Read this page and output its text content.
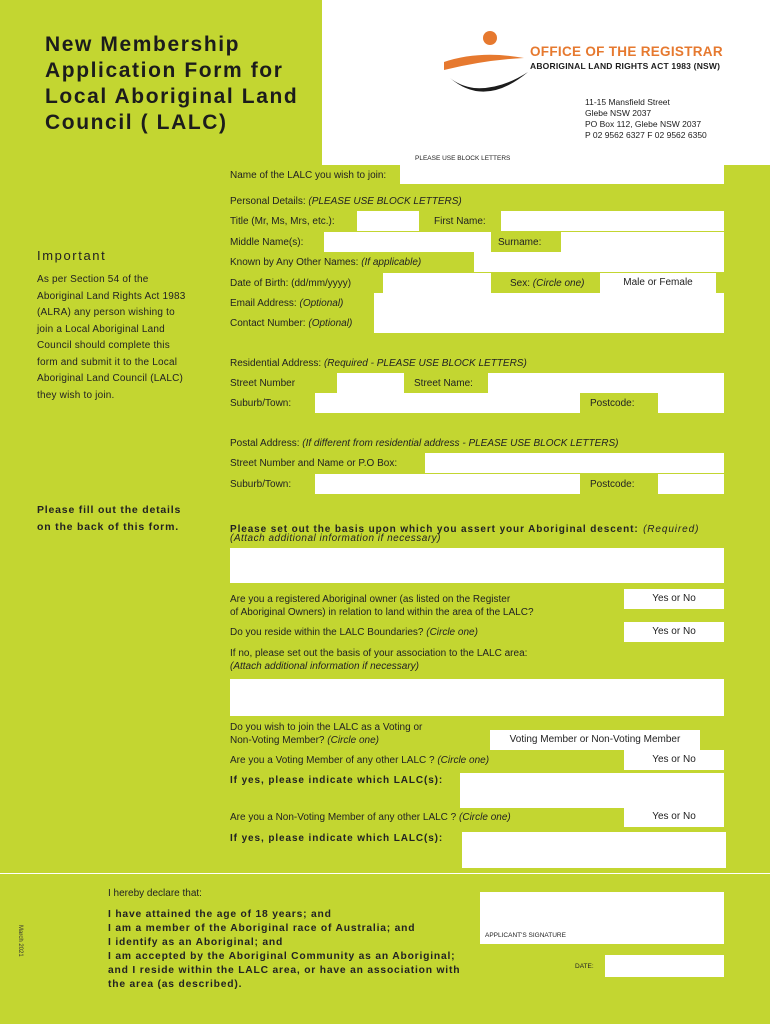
New Membership
Application Form for
Local Aboriginal Land
Council ( LALC)
OFFICE OF THE REGISTRAR
ABORIGINAL LAND RIGHTS ACT 1983 (NSW)
11-15 Mansfield Street
Glebe NSW 2037
PO Box 112, Glebe NSW 2037
P 02 9562 6327 F 02 9562 6350
PLEASE USE BLOCK LETTERS
Important
As per Section 54 of the Aboriginal Land Rights Act 1983 (ALRA) any person wishing to join a Local Aboriginal Land Council should complete this form and submit it to the Local Aboriginal Land Council (LALC) they wish to join.
Please fill out the details on the back of this form.
Name of the LALC you wish to join:
Personal Details: (PLEASE USE BLOCK LETTERS)
Title (Mr, Ms, Mrs, etc.):	First Name:
Middle Name(s):	Surname:
Known by Any Other Names: (If applicable)
Date of Birth: (dd/mm/yyyy)	Sex: (Circle one)	Male or Female
Email Address: (Optional)
Contact Number: (Optional)
Residential Address: (Required - PLEASE USE BLOCK LETTERS)
Street Number	Street Name:
Suburb/Town:	Postcode:
Postal Address: (If different from residential address - PLEASE USE BLOCK LETTERS)
Street Number and Name or P.O Box:
Suburb/Town:	Postcode:
Please set out the basis upon which you assert your Aboriginal descent: (Required)
(Attach additional information if necessary)
Are you a registered Aboriginal owner (as listed on the Register
of Aboriginal Owners) in relation to land within the area of the LALC?
Yes or No
Do you reside within the LALC Boundaries? (Circle one)	Yes or No
If no, please set out the basis of your association to the LALC area:
(Attach additional information if necessary)
Do you wish to join the LALC as a Voting or
Non-Voting Member? (Circle one)	Voting Member or Non-Voting Member
Are you a Voting Member of any other LALC ? (Circle one)	Yes or No
If yes, please indicate which LALC(s):
Are you a Non-Voting Member of any other LALC ? (Circle one)	Yes or No
If yes, please indicate which LALC(s):
March 2021
I hereby declare that:
I have attained the age of 18 years; and
I am a member of the Aboriginal race of Australia; and
I identify as an Aboriginal; and
I am accepted by the Aboriginal Community as an Aboriginal; and I reside within the LALC area, or have an association with the area (as described).
APPLICANT'S SIGNATURE
DATE:
